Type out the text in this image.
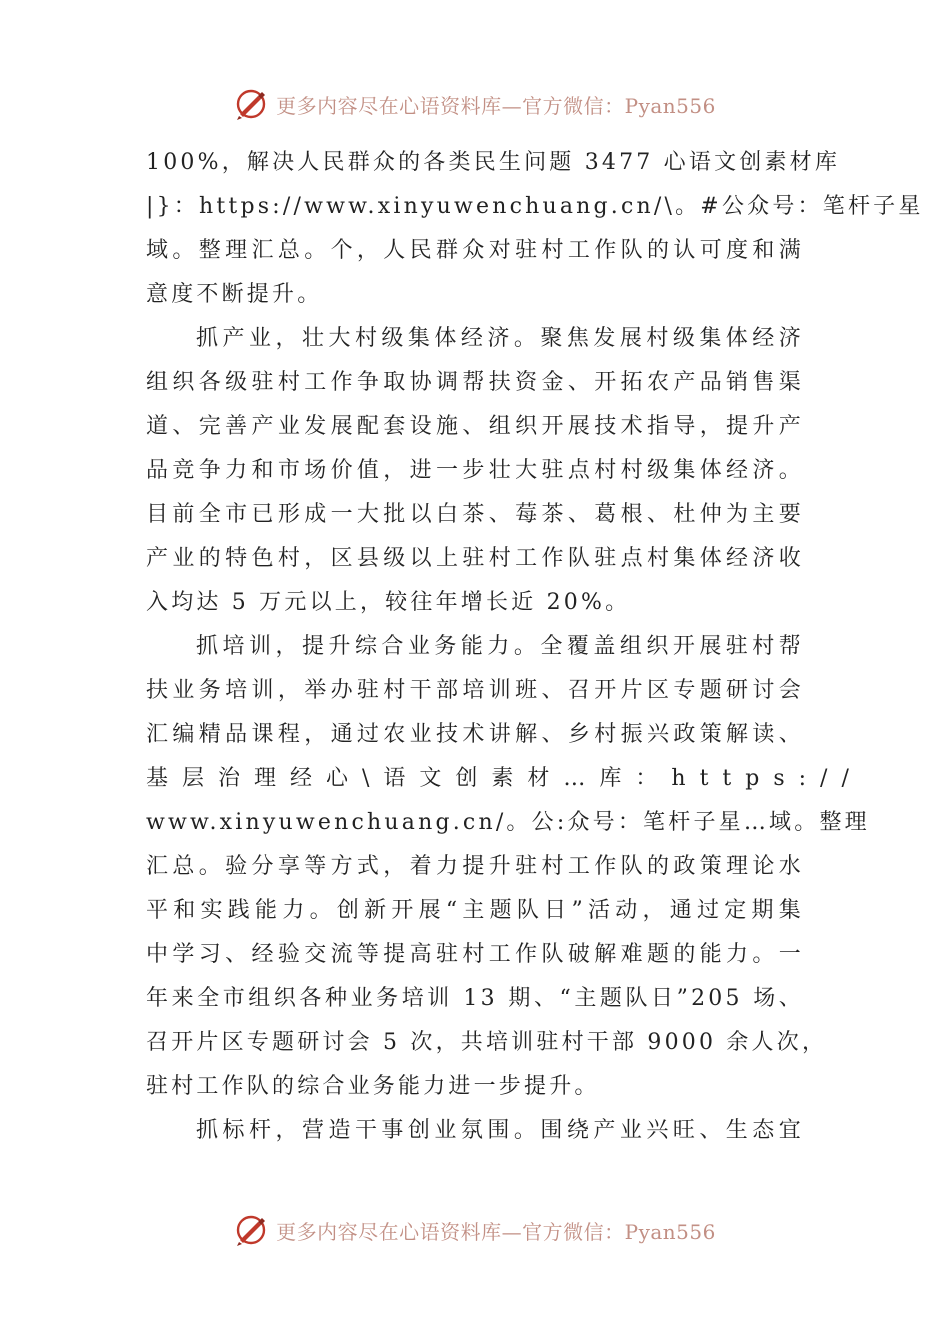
更多内容尽在心语资料库—官方微信：Pyan556
100%，解决人民群众的各类民生问题 3477 心语文创素材库
|}：https://www.xinyuwenchuang.cn/\。#公众号：笔杆子星
域。整理汇总。个，人民群众对驻村工作队的认可度和满
意度不断提升。
抓产业，壮大村级集体经济。聚焦发展村级集体经济
组织各级驻村工作争取协调帮扶资金、开拓农产品销售渠
道、完善产业发展配套设施、组织开展技术指导，提升产
品竞争力和市场价值，进一步壮大驻点村村级集体经济。
目前全市已形成一大批以白茶、莓茶、葛根、杜仲为主要
产业的特色村，区县级以上驻村工作队驻点村集体经济收
入均达 5 万元以上，较往年增长近 20%。
抓培训，提升综合业务能力。全覆盖组织开展驻村帮
扶业务培训，举办驻村干部培训班、召开片区专题研讨会
汇编精品课程，通过农业技术讲解、乡村振兴政策解读、
基层治理经心\语文创素材…库：https://
www.xinyuwenchuang.cn/。公:众号：笔杆子星…域。整理
汇总。验分享等方式，着力提升驻村工作队的政策理论水
平和实践能力。创新开展“主题队日”活动，通过定期集
中学习、经验交流等提高驻村工作队破解难题的能力。一
年来全市组织各种业务培训 13 期、“主题队日”205 场、
召开片区专题研讨会 5 次，共培训驻村干部 9000 余人次，
驻村工作队的综合业务能力进一步提升。
抓标杆，营造干事创业氛围。围绕产业兴旺、生态宜
更多内容尽在心语资料库—官方微信：Pyan556
